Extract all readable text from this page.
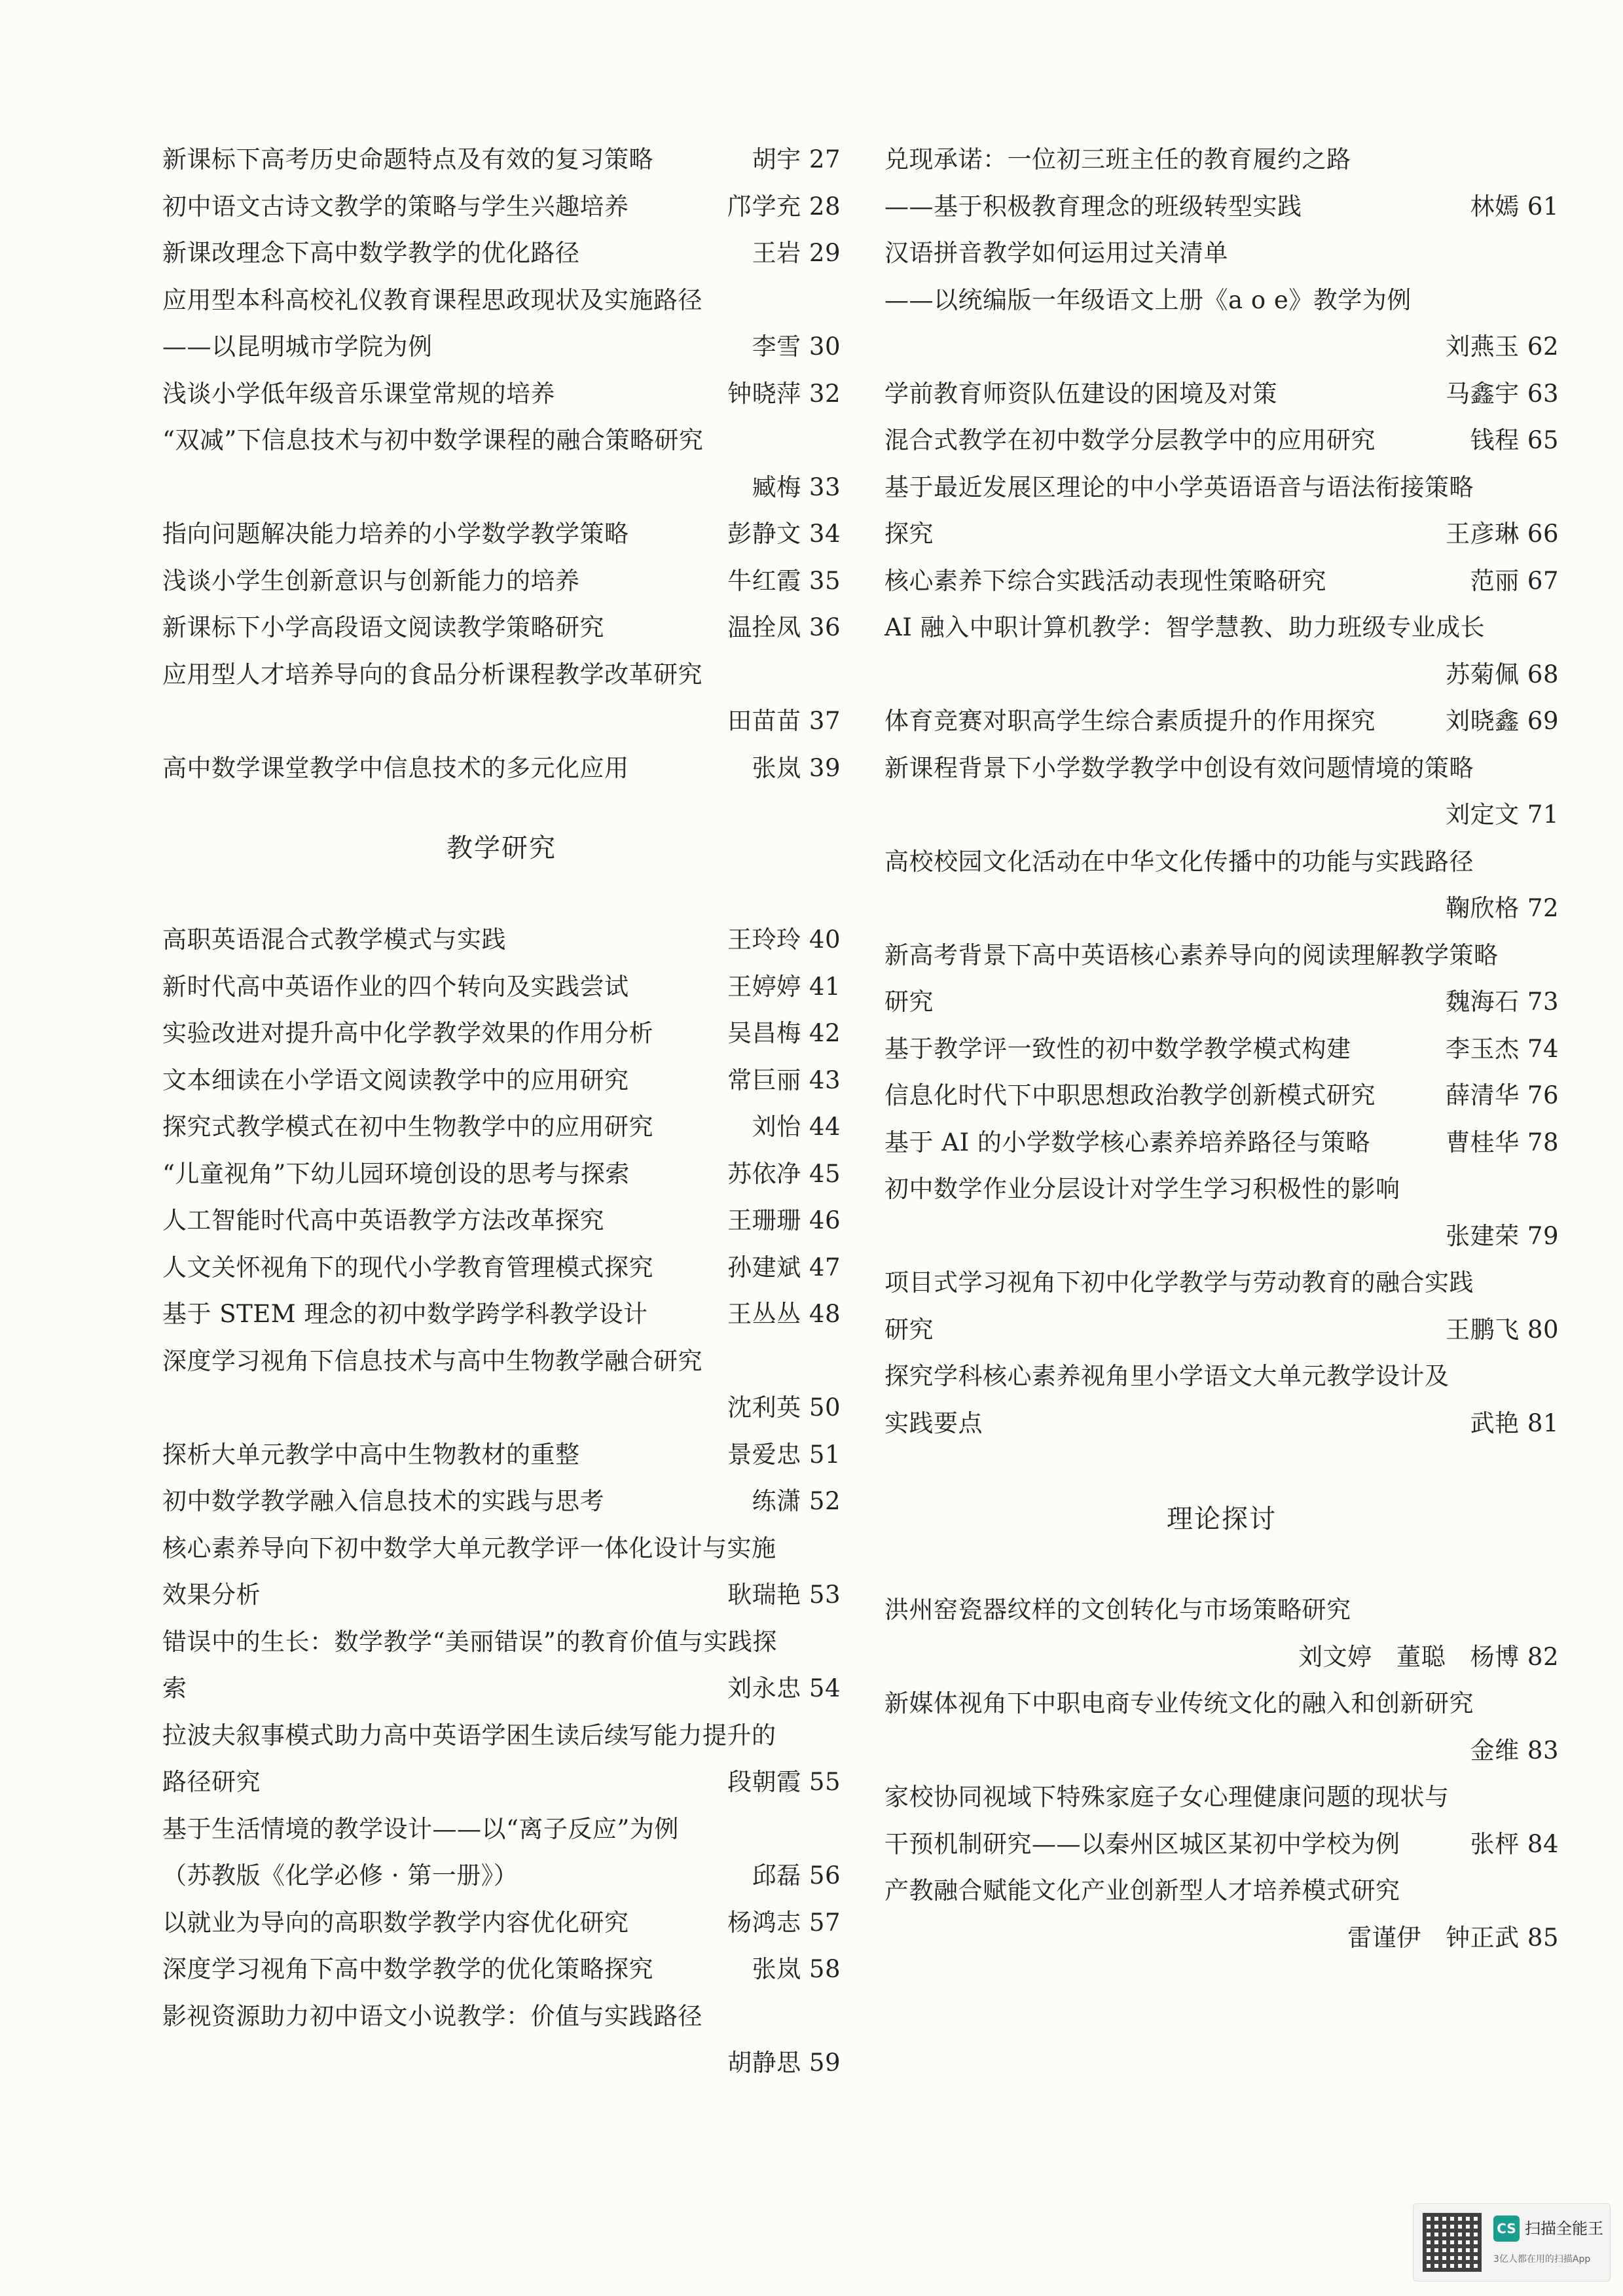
新课标下高考历史命题特点及有效的复习策略	胡宇 27
初中语文古诗文教学的策略与学生兴趣培养	邝学充 28
新课改理念下高中数学教学的优化路径	王岩 29
应用型本科高校礼仪教育课程思政现状及实施路径
——以昆明城市学院为例	李雪 30
浅谈小学低年级音乐课堂常规的培养	钟晓萍 32
“双减”下信息技术与初中数学课程的融合策略研究
臧梅 33
指向问题解决能力培养的小学数学教学策略	彭静文 34
浅谈小学生创新意识与创新能力的培养	牛红霞 35
新课标下小学高段语文阅读教学策略研究	温拴凤 36
应用型人才培养导向的食品分析课程教学改革研究
田苗苗 37
高中数学课堂教学中信息技术的多元化应用	张岚 39
教学研究
高职英语混合式教学模式与实践	王玲玲 40
新时代高中英语作业的四个转向及实践尝试	王婷婷 41
实验改进对提升高中化学教学效果的作用分析	吴昌梅 42
文本细读在小学语文阅读教学中的应用研究	常巨丽 43
探究式教学模式在初中生物教学中的应用研究	刘怡 44
“儿童视角”下幼儿园环境创设的思考与探索	苏依净 45
人工智能时代高中英语教学方法改革探究	王珊珊 46
人文关怀视角下的现代小学教育管理模式探究	孙建斌 47
基于 STEM 理念的初中数学跨学科教学设计	王丛丛 48
深度学习视角下信息技术与高中生物教学融合研究
沈利英 50
探析大单元教学中高中生物教材的重整	景爱忠 51
初中数学教学融入信息技术的实践与思考	练潇 52
核心素养导向下初中数学大单元教学评一体化设计与实施
效果分析	耿瑞艳 53
错误中的生长：数学教学“美丽错误”的教育价值与实践探
索	刘永忠 54
拉波夫叙事模式助力高中英语学困生读后续写能力提升的
路径研究	段朝霞 55
基于生活情境的教学设计——以“离子反应”为例
（苏教版《化学必修 · 第一册》）	邱磊 56
以就业为导向的高职数学教学内容优化研究	杨鸿志 57
深度学习视角下高中数学教学的优化策略探究	张岚 58
影视资源助力初中语文小说教学：价值与实践路径
胡静思 59
兑现承诺：一位初三班主任的教育履约之路
——基于积极教育理念的班级转型实践	林嫣 61
汉语拼音教学如何运用过关清单
——以统编版一年级语文上册《a o e》教学为例
刘燕玉 62
学前教育师资队伍建设的困境及对策	马鑫宇 63
混合式教学在初中数学分层教学中的应用研究	钱程 65
基于最近发展区理论的中小学英语语音与语法衔接策略
探究	王彦琳 66
核心素养下综合实践活动表现性策略研究	范丽 67
AI 融入中职计算机教学：智学慧教、助力班级专业成长
苏菊佩 68
体育竞赛对职高学生综合素质提升的作用探究	刘晓鑫 69
新课程背景下小学数学教学中创设有效问题情境的策略
刘定文 71
高校校园文化活动在中华文化传播中的功能与实践路径
鞠欣格 72
新高考背景下高中英语核心素养导向的阅读理解教学策略
研究	魏海石 73
基于教学评一致性的初中数学教学模式构建	李玉杰 74
信息化时代下中职思想政治教学创新模式研究	薛清华 76
基于 AI 的小学数学核心素养培养路径与策略	曹桂华 78
初中数学作业分层设计对学生学习积极性的影响
张建荣 79
项目式学习视角下初中化学教学与劳动教育的融合实践
研究	王鹏飞 80
探究学科核心素养视角里小学语文大单元教学设计及
实践要点	武艳 81
理论探讨
洪州窑瓷器纹样的文创转化与市场策略研究
刘文婷　董聪　杨博 82
新媒体视角下中职电商专业传统文化的融入和创新研究
金维 83
家校协同视域下特殊家庭子女心理健康问题的现状与
干预机制研究——以秦州区城区某初中学校为例	张枰 84
产教融合赋能文化产业创新型人才培养模式研究
雷谨伊　钟正武 85
CS 扫描全能王
3亿人都在用的扫描App
